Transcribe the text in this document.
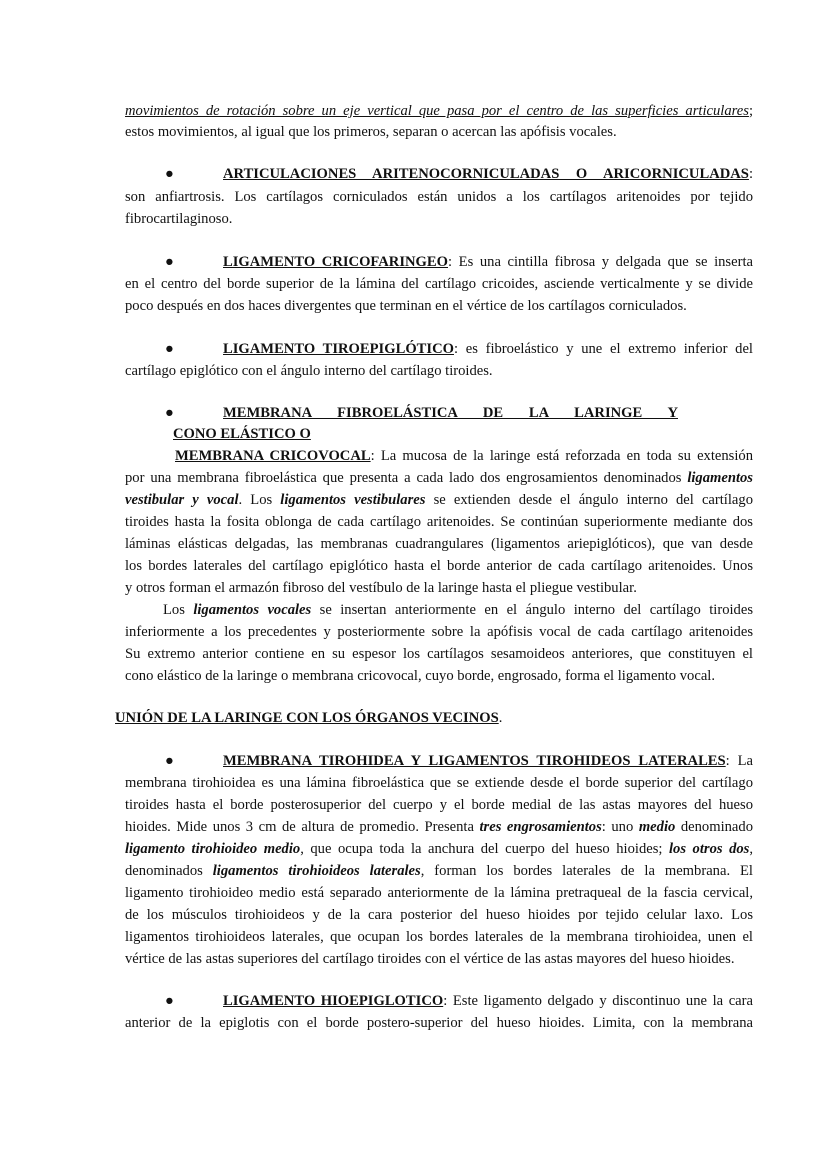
movimientos de rotación sobre un eje vertical que pasa por el centro de las superficies articulares;

estos movimientos, al igual que los primeros, separan o acercan las apófisis vocales.

●	ARTICULACIONES ARITENOCORNICULADAS O ARICORNICULADAS:

son anfiartrosis. Los cartílagos corniculados están unidos a los cartílagos aritenoides por tejido

fibrocartilaginoso.

●	LIGAMENTO CRICOFARINGEO: Es una cintilla fibrosa y delgada que se inserta

en el centro del borde superior de la lámina del cartílago cricoides, asciende verticalmente y se divide

poco después en dos haces divergentes que terminan en el vértice de los cartílagos corniculados.

●	LIGAMENTO TIROEPIGLÓTICO: es fibroelástico y une el extremo inferior del

cartílago epiglótico con el ángulo interno del cartílago tiroides.

●	MEMBRANA FIBROELÁSTICA DE LA LARINGE Y

CONO ELÁSTICO O

MEMBRANA CRICOVOCAL: La mucosa de la laringe está reforzada en toda su extensión

por una membrana fibroelástica que presenta a cada lado dos engrosamientos denominados ligamentos

vestibular y vocal. Los ligamentos vestibulares se extienden desde el ángulo interno del cartílago

tiroides hasta la fosita oblonga de cada cartílago aritenoides. Se continúan superiormente mediante dos

láminas elásticas delgadas, las membranas cuadrangulares (ligamentos ariepiglóticos), que van desde

los bordes laterales del cartílago epiglótico hasta el borde anterior de cada cartílago aritenoides. Unos

y otros forman el armazón fibroso del vestíbulo de la laringe hasta el pliegue vestibular.

Los ligamentos vocales se insertan anteriormente en el ángulo interno del cartílago tiroides

inferiormente a los precedentes y posteriormente sobre la apófisis vocal de cada cartílago aritenoides

Su extremo anterior contiene en su espesor los cartílagos sesamoideos anteriores, que constituyen el

cono elástico de la laringe o membrana cricovocal, cuyo borde, engrosado, forma el ligamento vocal.

UNIÓN DE LA LARINGE CON LOS ÓRGANOS VECINOS.

●	MEMBRANA TIROHIDEA Y LIGAMENTOS TIROHIDEOS LATERALES: La

membrana tirohioidea es una lámina fibroelástica que se extiende desde el borde superior del cartílago

tiroides hasta el borde posterosuperior del cuerpo y el borde medial de las astas mayores del hueso

hioides. Mide unos 3 cm de altura de promedio. Presenta tres engrosamientos: uno medio denominado

ligamento tirohioideo medio, que ocupa toda la anchura del cuerpo del hueso hioides; los otros dos,

denominados ligamentos tirohioideos laterales, forman los bordes laterales de la membrana. El

ligamento tirohioideo medio está separado anteriormente de la lámina pretraqueal de la fascia cervical,

de los músculos tirohioideos y de la cara posterior del hueso hioides por tejido celular laxo. Los

ligamentos tirohioideos laterales, que ocupan los bordes laterales de la membrana tirohioidea, unen el

vértice de las astas superiores del cartílago tiroides con el vértice de las astas mayores del hueso hioides.

●	LIGAMENTO HIOEPIGLOTICO: Este ligamento delgado y discontinuo une la cara

anterior de la epiglotis con el borde postero-superior del hueso hioides. Limita, con la membrana
